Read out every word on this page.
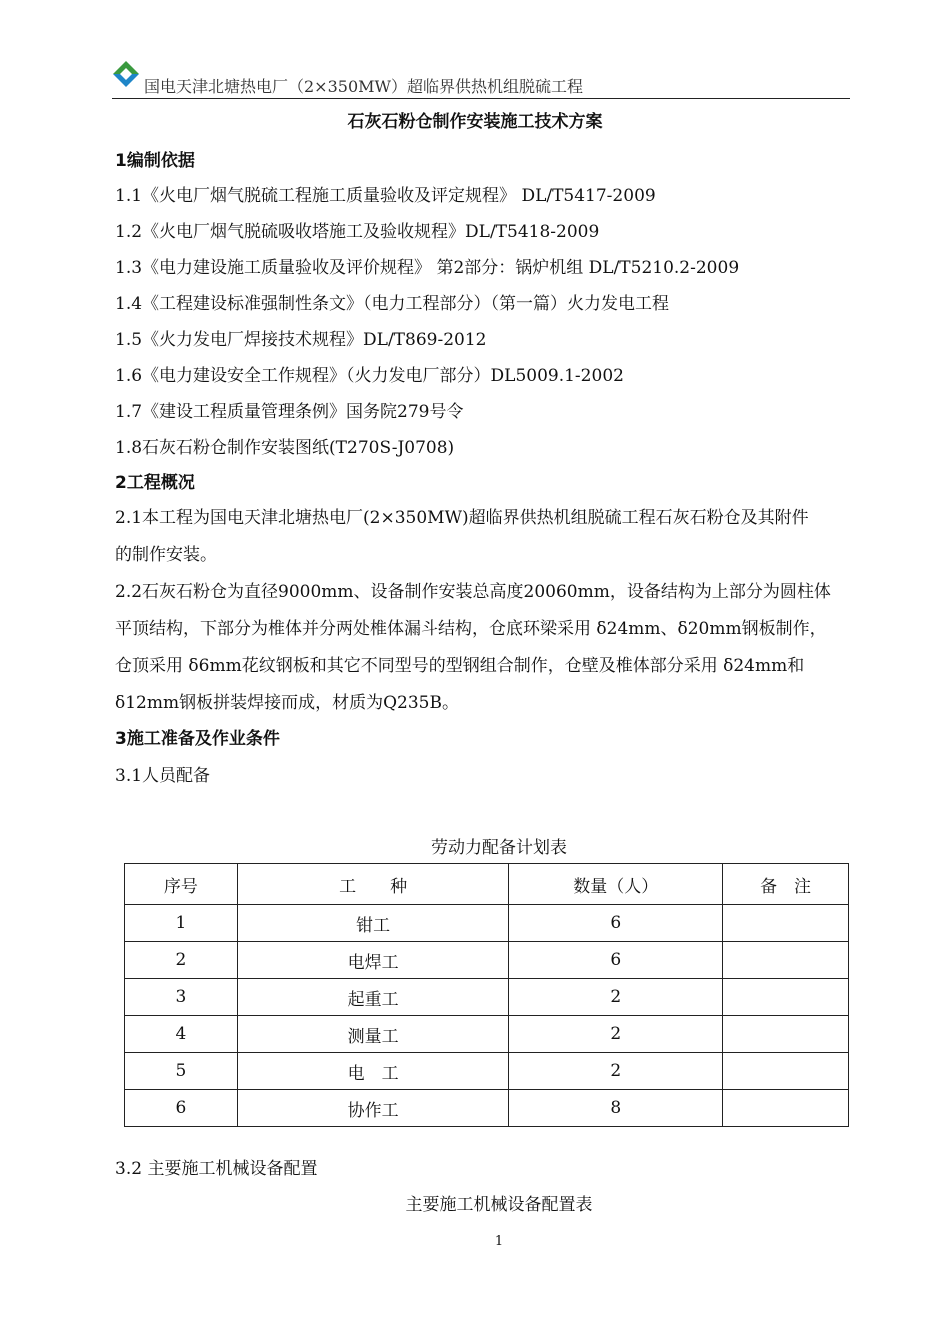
国电天津北塘热电厂（2×350MW）超临界供热机组脱硫工程
石灰石粉仓制作安装施工技术方案
1编制依据
1.1《火电厂烟气脱硫工程施工质量验收及评定规程》 DL/T5417-2009
1.2《火电厂烟气脱硫吸收塔施工及验收规程》DL/T5418-2009
1.3《电力建设施工质量验收及评价规程》 第2部分：锅炉机组 DL/T5210.2-2009
1.4《工程建设标准强制性条文》（电力工程部分）（第一篇）火力发电工程
1.5《火力发电厂焊接技术规程》DL/T869-2012
1.6《电力建设安全工作规程》（火力发电厂部分）DL5009.1-2002
1.7《建设工程质量管理条例》国务院279号令
1.8石灰石粉仓制作安装图纸(T270S-J0708)
2工程概况
2.1本工程为国电天津北塘热电厂(2×350MW)超临界供热机组脱硫工程石灰石粉仓及其附件
的制作安装。
2.2石灰石粉仓为直径9000mm、设备制作安装总高度20060mm，设备结构为上部分为圆柱体
平顶结构，下部分为椎体并分两处椎体漏斗结构，仓底环梁采用 δ24mm、δ20mm钢板制作，
仓顶采用 δ6mm花纹钢板和其它不同型号的型钢组合制作，仓壁及椎体部分采用 δ24mm和
δ12mm钢板拼装焊接而成，材质为Q235B。
3施工准备及作业条件
3.1人员配备
劳动力配备计划表
序号	工　　种	数量（人）	备　注
1	钳工	6	
2	电焊工	6	
3	起重工	2	
4	测量工	2	
5	电　工	2	
6	协作工	8	
3.2 主要施工机械设备配置
主要施工机械设备配置表
1
